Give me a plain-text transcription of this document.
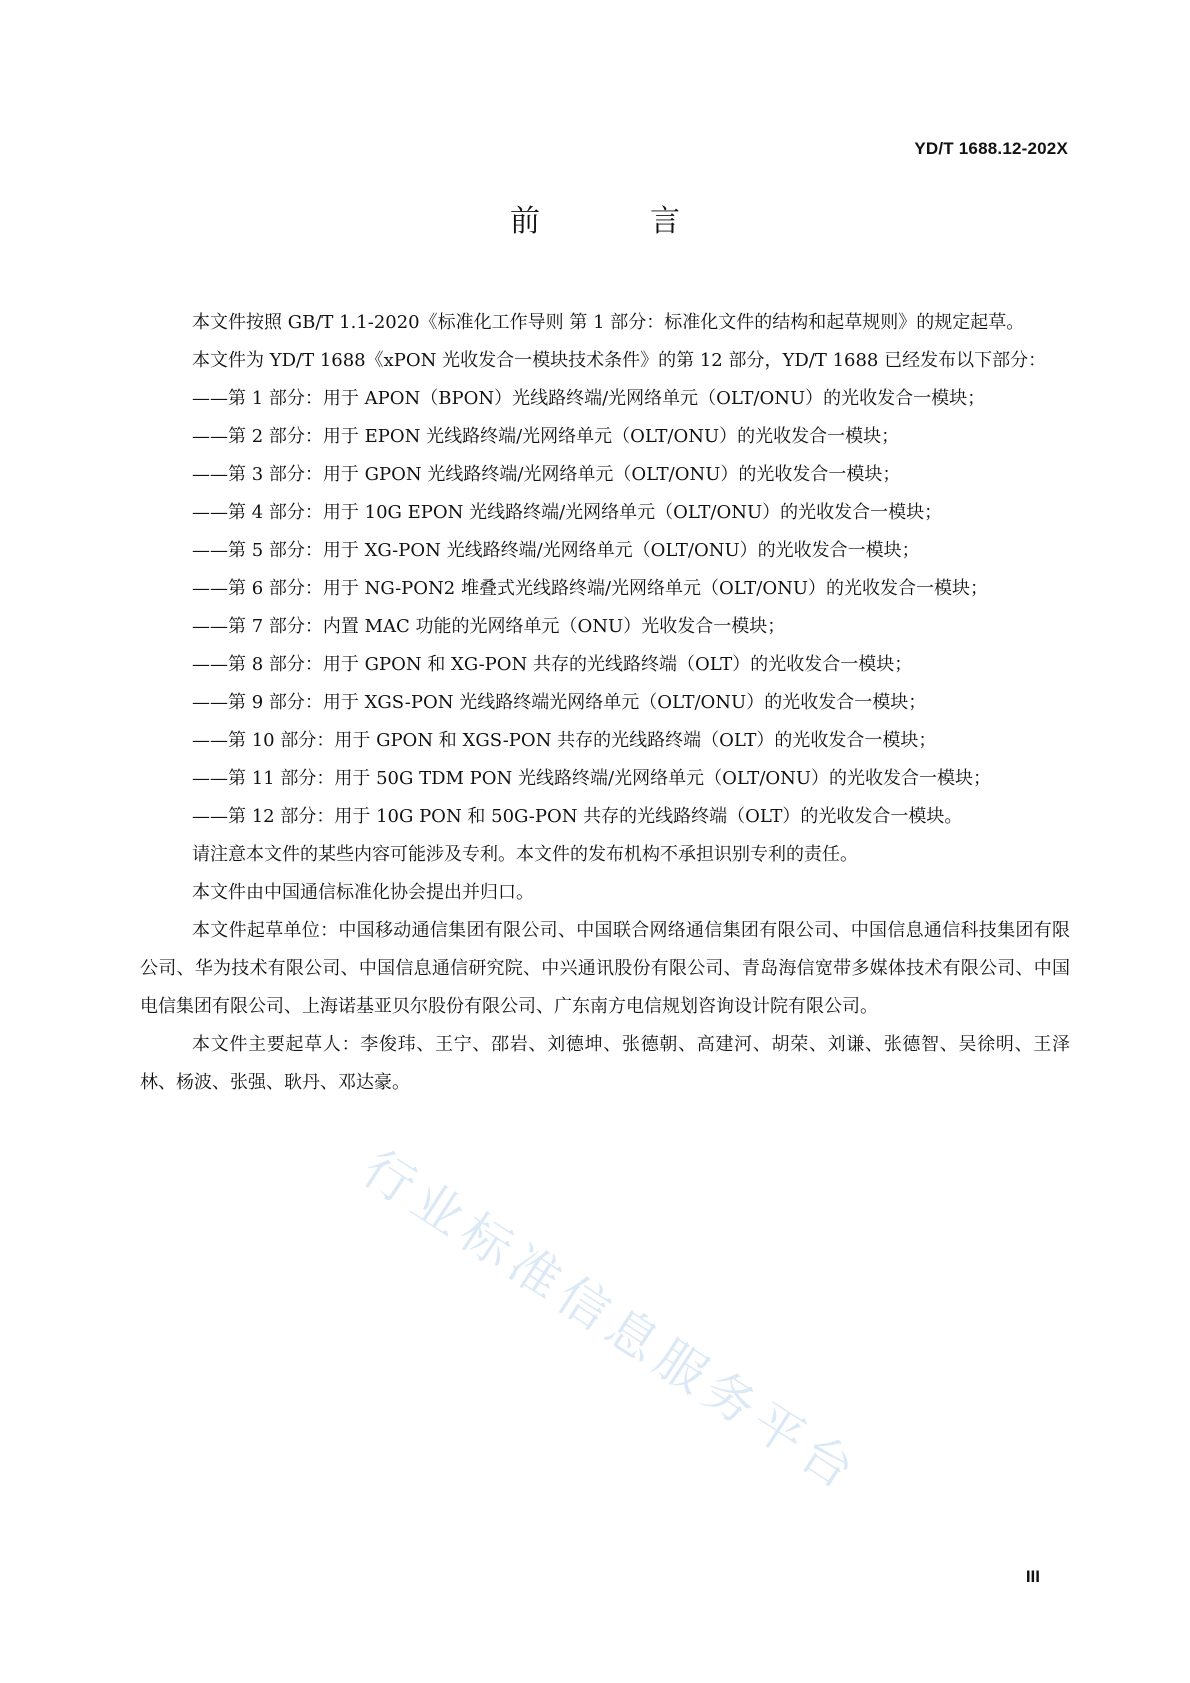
YD/T 1688.12-202X
前　言

本文件按照 GB/T 1.1-2020《标准化工作导则 第 1 部分：标准化文件的结构和起草规则》的规定起草。

本文件为 YD/T 1688《xPON 光收发合一模块技术条件》的第 12 部分，YD/T 1688 已经发布以下部分：

——第 1 部分：用于 APON（BPON）光线路终端/光网络单元（OLT/ONU）的光收发合一模块；

——第 2 部分：用于 EPON 光线路终端/光网络单元（OLT/ONU）的光收发合一模块；

——第 3 部分：用于 GPON 光线路终端/光网络单元（OLT/ONU）的光收发合一模块；

——第 4 部分：用于 10G EPON 光线路终端/光网络单元（OLT/ONU）的光收发合一模块；

——第 5 部分：用于 XG-PON 光线路终端/光网络单元（OLT/ONU）的光收发合一模块；

——第 6 部分：用于 NG-PON2 堆叠式光线路终端/光网络单元（OLT/ONU）的光收发合一模块；

——第 7 部分：内置 MAC 功能的光网络单元（ONU）光收发合一模块；

——第 8 部分：用于 GPON 和 XG-PON 共存的光线路终端（OLT）的光收发合一模块；

——第 9 部分：用于 XGS-PON 光线路终端光网络单元（OLT/ONU）的光收发合一模块；

——第 10 部分：用于 GPON 和 XGS-PON 共存的光线路终端（OLT）的光收发合一模块；

——第 11 部分：用于 50G TDM PON 光线路终端/光网络单元（OLT/ONU）的光收发合一模块；

——第 12 部分：用于 10G PON 和 50G-PON 共存的光线路终端（OLT）的光收发合一模块。

请注意本文件的某些内容可能涉及专利。本文件的发布机构不承担识别专利的责任。

本文件由中国通信标准化协会提出并归口。

本文件起草单位：中国移动通信集团有限公司、中国联合网络通信集团有限公司、中国信息通信科技集团有限公司、华为技术有限公司、中国信息通信研究院、中兴通讯股份有限公司、青岛海信宽带多媒体技术有限公司、中国电信集团有限公司、上海诺基亚贝尔股份有限公司、广东南方电信规划咨询设计院有限公司。

本文件主要起草人：李俊玮、王宁、邵岩、刘德坤、张德朝、高建河、胡荣、刘谦、张德智、吴徐明、王泽林、杨波、张强、耿丹、邓达豪。

行业标准信息服务平台
III
